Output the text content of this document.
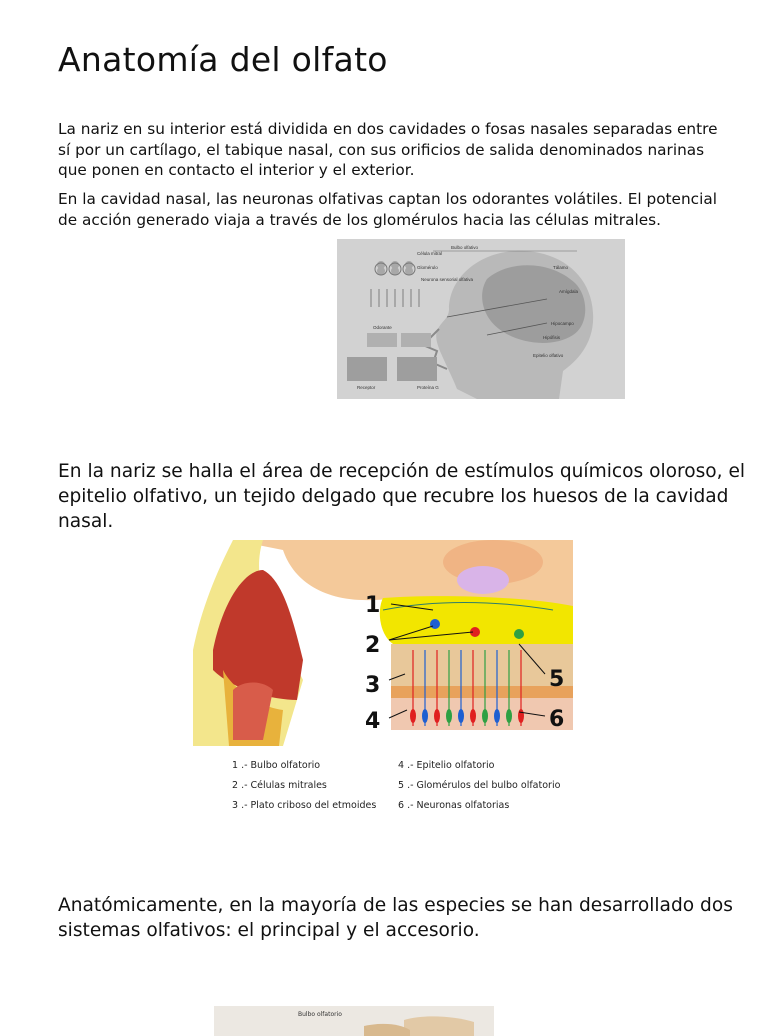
Anatomía del olfato

La nariz en su interior está dividida en dos cavidades o fosas nasales separadas entre sí por un cartílago, el tabique nasal, con sus orificios de salida denominados narinas que ponen en contacto el interior y el exterior.

En la cavidad nasal, las neuronas olfativas captan los odorantes volátiles. El potencial de acción generado viaja a través de los glomérulos hacia las células mitrales.

Bulbo olfativo
Célula mitral
Glomérulo
Neurona sensorial olfativa
Odorante
Tálamo
Amígdala
Hipocampo
Hipófisis
Epitelio olfativo
Receptor	Proteína G

En la nariz se halla el área de recepción de estímulos químicos oloroso, el epitelio olfativo, un tejido delgado que recubre los huesos de la cavidad nasal.

1
2
3
4
5
6
1 .- Bulbo olfatorio
2 .- Células mitrales
3 .- Plato criboso del etmoides
4 .- Epitelio olfatorio
5 .- Glomérulos del bulbo olfatorio
6 .- Neuronas olfatorias

Anatómicamente, en la mayoría de las especies se han desarrollado dos sistemas olfativos: el principal y el accesorio.

Bulbo olfatorio
